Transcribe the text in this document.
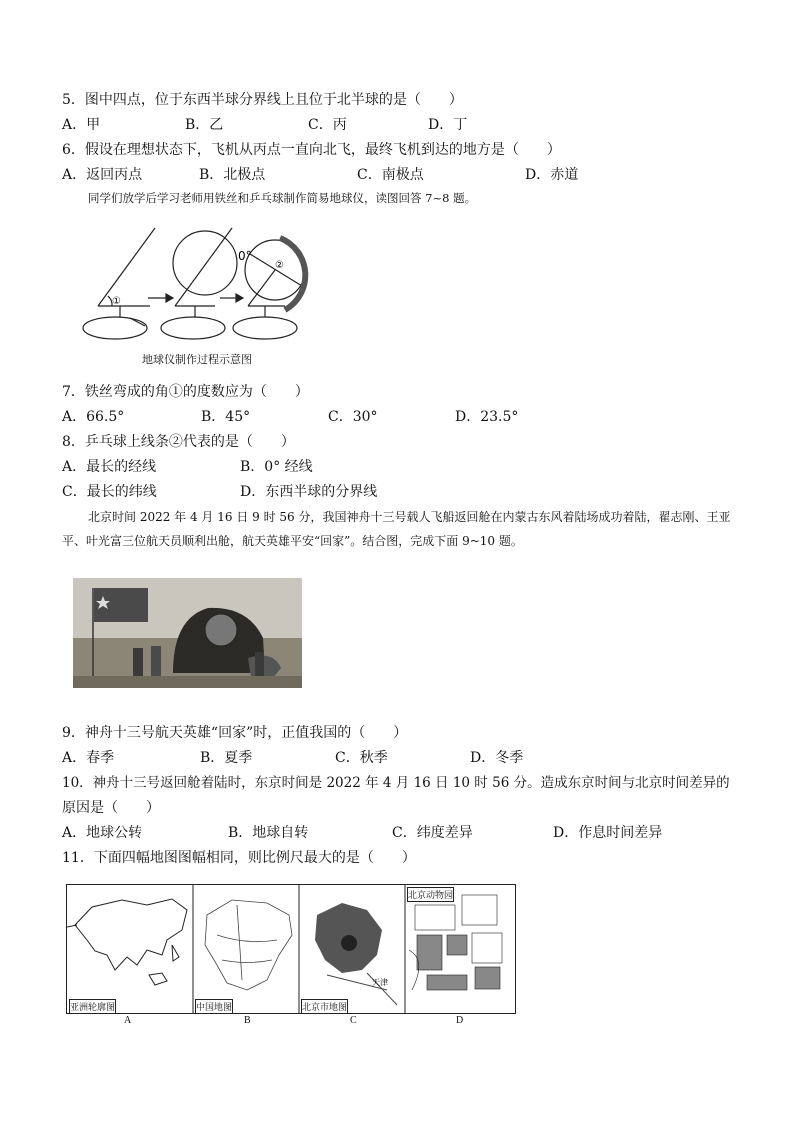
5．图中四点，位于东西半球分界线上且位于北半球的是（　　）
A．甲	B．乙	C．丙	D．丁
6．假设在理想状态下，飞机从丙点一直向北飞，最终飞机到达的地方是（　　）
A．返回丙点	B．北极点	C．南极点	D．赤道
同学们放学后学习老师用铁丝和乒乓球制作简易地球仪，读图回答 7~8 题。
①
0°
②
地球仪制作过程示意图
7．铁丝弯成的角①的度数应为（　　）
A．66.5°	B．45°	C．30°	D．23.5°
8．乒乓球上线条②代表的是（　　）
A．最长的经线	B．0° 经线
C．最长的纬线	D．东西半球的分界线
北京时间 2022 年 4 月 16 日 9 时 56 分，我国神舟十三号载人飞船返回舱在内蒙古东风着陆场成功着陆，翟志刚、王亚平、叶光富三位航天员顺利出舱，航天英雄平安“回家”。结合图，完成下面 9~10 题。
9．神舟十三号航天英雄“回家”时，正值我国的（　　）
A．春季	B．夏季	C．秋季	D．冬季
10．神舟十三号返回舱着陆时，东京时间是 2022 年 4 月 16 日 10 时 56 分。造成东京时间与北京时间差异的
原因是（　　）
A．地球公转	B．地球自转	C．纬度差异	D．作息时间差异
11．下面四幅地图图幅相同，则比例尺最大的是（　　）
天津
亚洲轮廓图	中国地图	北京市地图
北京动物园
A	B	C	D
